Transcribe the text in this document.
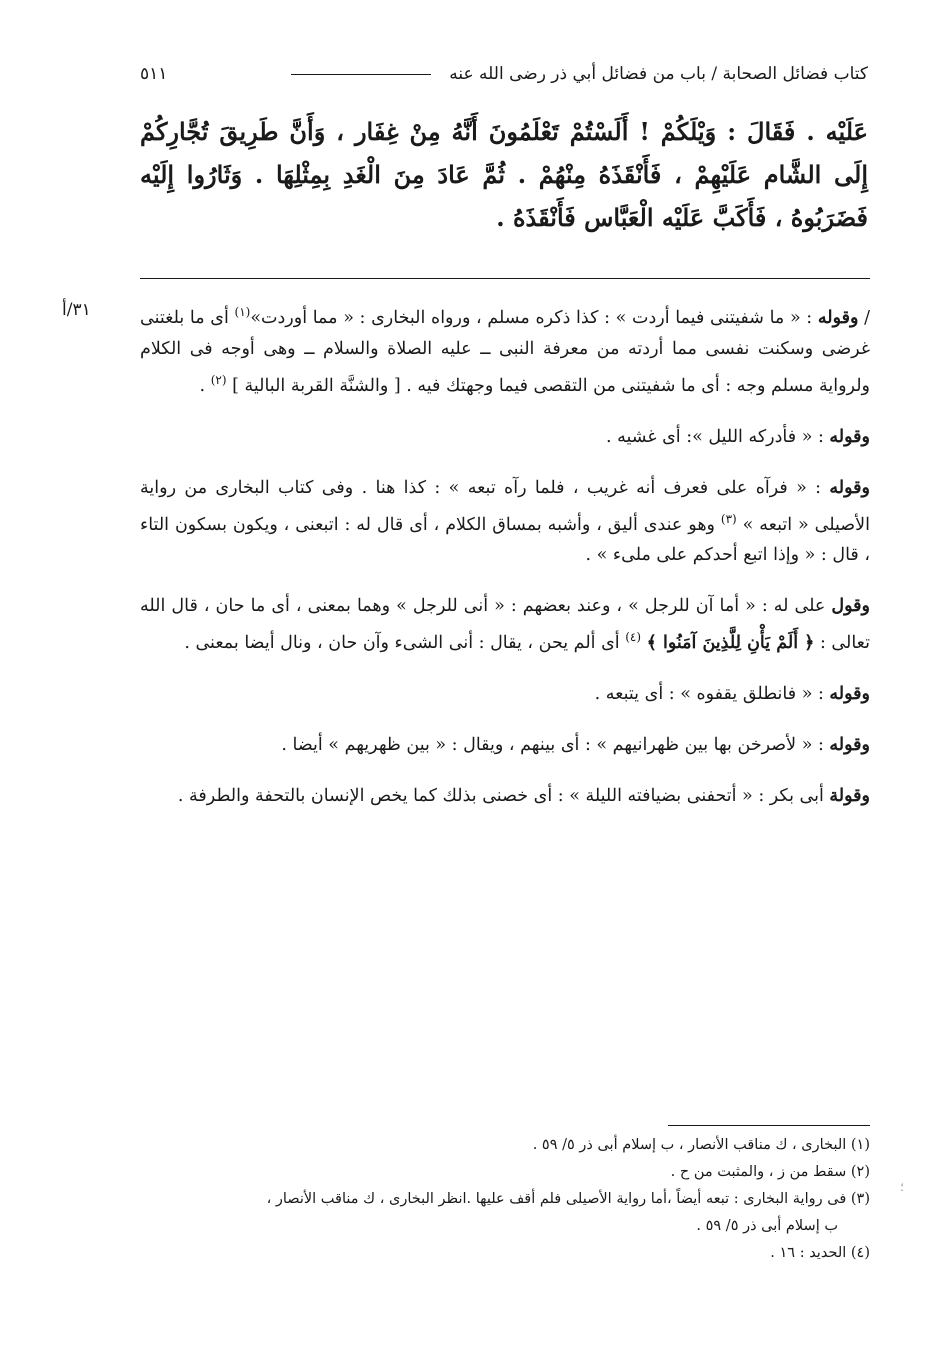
كتاب فضائل الصحابة / باب من فضائل أبي ذر رضى الله عنه
٥١١
عَلَيْه . فَقَالَ : وَيْلَكُمْ ! أَلَسْتُمْ تَعْلَمُونَ أَنَّهُ مِنْ غِفَار ، وَأَنَّ طَرِيقَ تُجَّارِكُمْ إِلَى الشَّام عَلَيْهِمْ ، فَأَنْقَذَهُ مِنْهُمْ . ثُمَّ عَادَ مِنَ الْغَدِ بِمِثْلِهَا . وَثَارُوا إِلَيْه فَضَرَبُوهُ ، فَأَكَبَّ عَلَيْه الْعَبَّاس فَأَنْقَذَهُ .
٣١/أ	/ وقوله : « ما شفيتنى فيما أردت » : كذا ذكره مسلم ، ورواه البخارى : « مما أوردت»$^{(١)}$ أى ما بلغتنى غرضى وسكنت نفسى مما أردته من معرفة النبى ــ عليه الصلاة والسلام ــ وهى أوجه فى الكلام ولرواية مسلم وجه : أى ما شفيتنى من التقصى فيما وجهتك فيه . [ والشنَّة القربة البالية ] $^{(٢)}$ .

وقوله : « فأدركه الليل »: أى غشيه .

وقوله : « فرآه على فعرف أنه غريب ، فلما رآه تبعه » : كذا هنا . وفى كتاب البخارى من رواية الأصيلى « اتبعه » $^{(٣)}$ وهو عندى أليق ، وأشبه بمساق الكلام ، أى قال له : اتبعنى ، ويكون بسكون التاء ، قال : « وإذا اتبع أحدكم على ملىء » .

وقول على له : « أما آن للرجل » ، وعند بعضهم : « أنى للرجل » وهما بمعنى ، أى ما حان ، قال الله تعالى : ﴿ أَلَمْ يَأْنِ لِلَّذِينَ آمَنُوا ﴾ $^{(٤)}$ أى ألم يحن ، يقال : أنى الشىء وآن حان ، ونال أيضا بمعنى .

وقوله : « فانطلق يقفوه » : أى يتبعه .

وقوله : « لأصرخن بها بين ظهرانيهم » : أى بينهم ، ويقال : « بين ظهريهم » أيضا .

وقولة أبى بكر : « أتحفنى بضيافته الليلة » : أى خصنى بذلك كما يخص الإنسان بالتحفة والطرفة .

(١) البخارى ، ك مناقب الأنصار ، ب إسلام أبى ذر ٥/ ٥٩ .

(٢) سقط من ز ، والمثبت من ح .

(٣) فى رواية البخارى : تبعه أيضاً ،أما رواية الأصيلى فلم أقف عليها .انظر البخارى ، ك مناقب الأنصار ،

ب إسلام أبى ذر ٥/ ٥٩ .

(٤) الحديد : ١٦ .

؛
